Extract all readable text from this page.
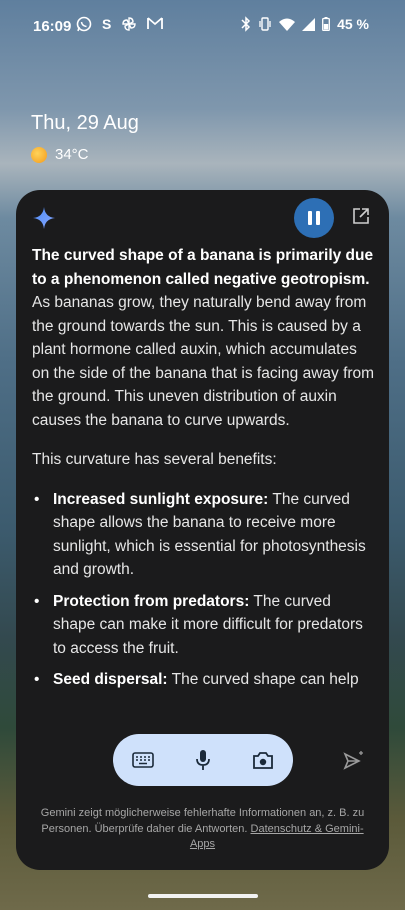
16:09 S	45 %
Thu, 29 Aug
34°C

The curved shape of a banana is primarily due to a phenomenon called negative geotropism. As bananas grow, they naturally bend away from the ground towards the sun. This is caused by a plant hormone called auxin, which accumulates on the side of the banana that is facing away from the ground. This uneven distribution of auxin causes the banana to curve upwards.

This curvature has several benefits:

• Increased sunlight exposure: The curved shape allows the banana to receive more sunlight, which is essential for photosynthesis and growth.
• Protection from predators: The curved shape can make it more difficult for predators to access the fruit.
• Seed dispersal: The curved shape can help
Gemini zeigt möglicherweise fehlerhafte Informationen an, z. B. zu Personen. Überprüfe daher die Antworten. Datenschutz & Gemini-Apps
